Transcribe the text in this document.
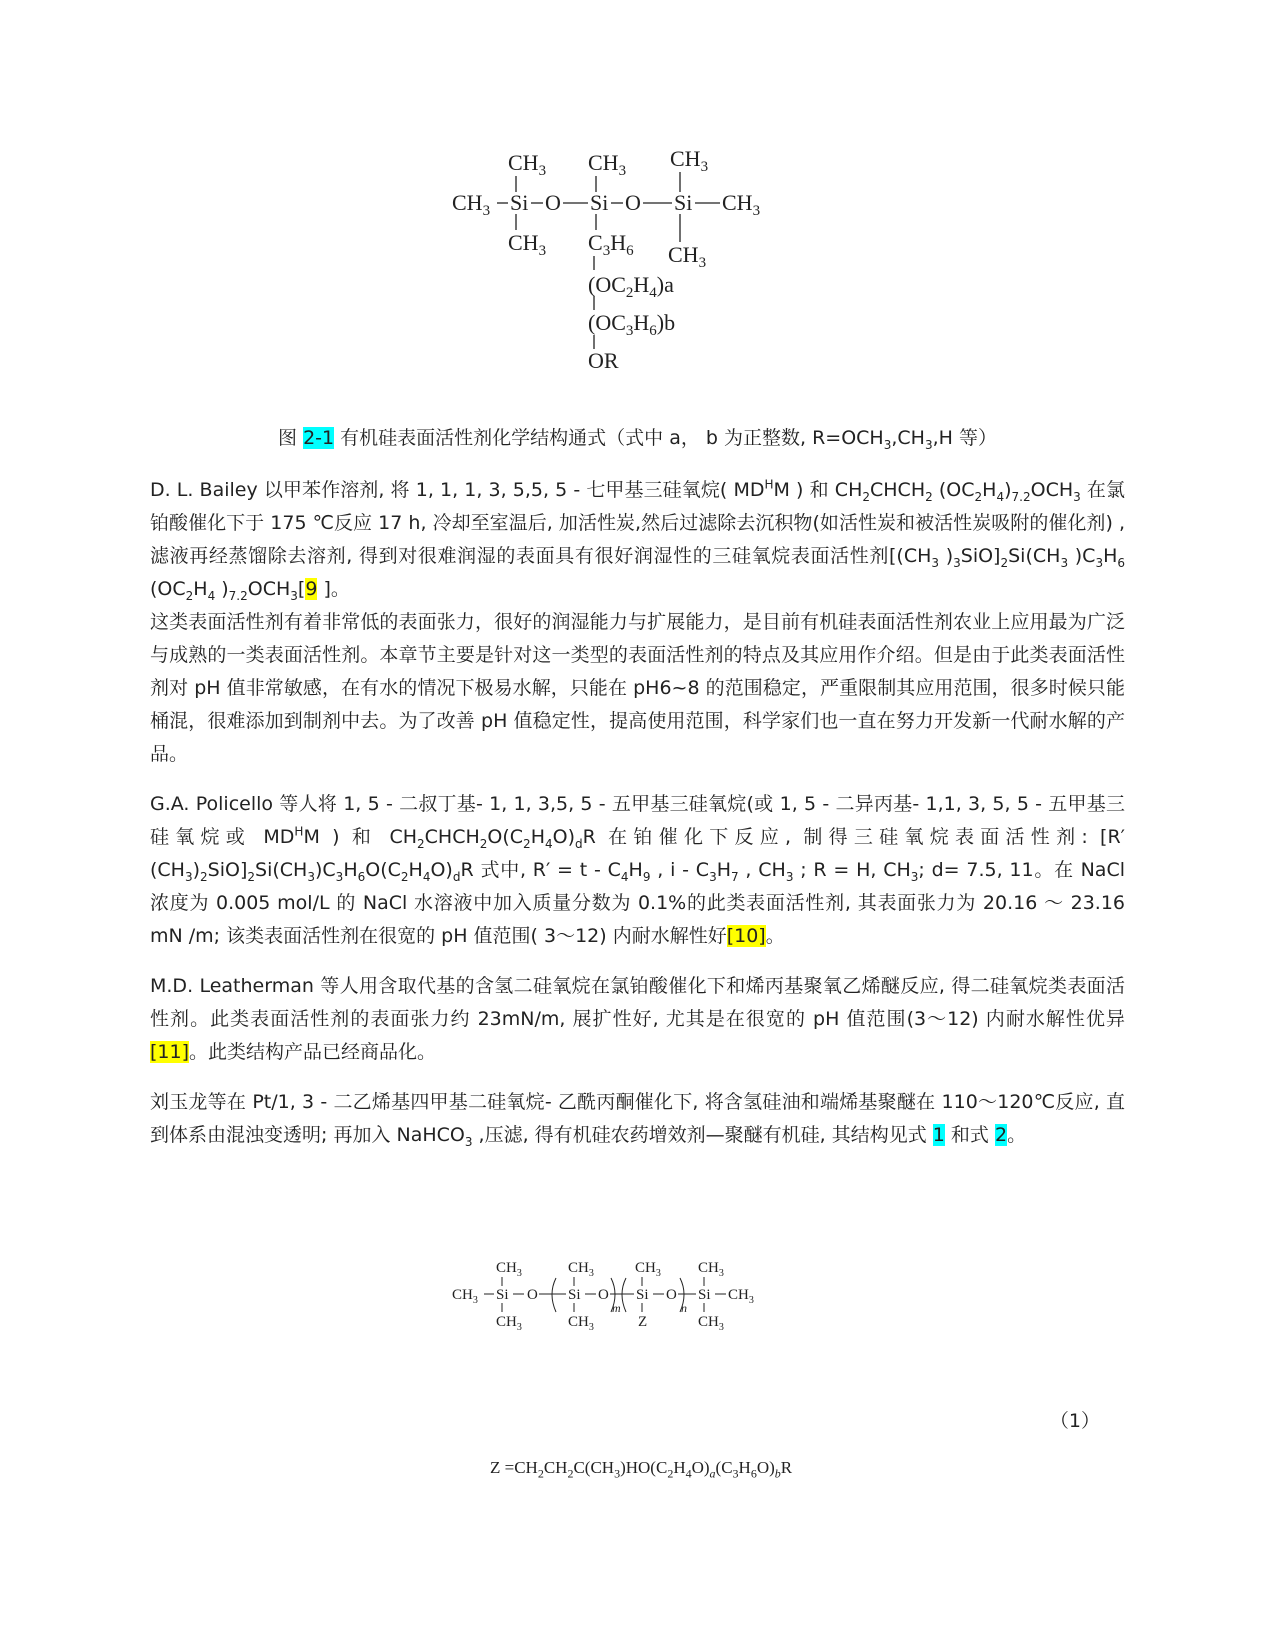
$CH_3$ $CH_3$ $CH_3$
$CH_3$ Si O Si O Si $CH_3$
$CH_3$ $C_3H_6$ $CH_3$
$(OC_2H_4)a$
$(OC_3H_6)b$
OR
图 2-1 有机硅表面活性剂化学结构通式（式中 a， b 为正整数, $R=OCH_3,CH_3,H$ 等）

D. L. Bailey 以甲苯作溶剂, 将 1, 1, 1, 3, 5,5, 5 - 七甲基三硅氧烷( $MD^HM$ ) 和 $CH_2CHCH_2$ $(OC_2H_4)_{7.2}OCH_3$ 在氯铂酸催化下于 175 ℃反应 17 h, 冷却至室温后, 加活性炭,然后过滤除去沉积物(如活性炭和被活性炭吸附的催化剂) , 滤液再经蒸馏除去溶剂, 得到对很难润湿的表面具有很好润湿性的三硅氧烷表面活性剂[($CH_3$ )$_3SiO]_2Si(CH_3$ )$C_3H_6$ ($OC_2H_4$ )$_{7.2}OCH_3[9$ ]。

这类表面活性剂有着非常低的表面张力，很好的润湿能力与扩展能力，是目前有机硅表面活性剂农业上应用最为广泛与成熟的一类表面活性剂。本章节主要是针对这一类型的表面活性剂的特点及其应用作介绍。但是由于此类表面活性剂对 pH 值非常敏感，在有水的情况下极易水解，只能在 pH6~8 的范围稳定，严重限制其应用范围，很多时候只能桶混，很难添加到制剂中去。为了改善 pH 值稳定性，提高使用范围，科学家们也一直在努力开发新一代耐水解的产品。

G.A. Policello 等人将 1, 5 - 二叔丁基- 1, 1, 3,5, 5 - 五甲基三硅氧烷(或 1, 5 - 二异丙基- 1,1, 3, 5, 5 - 五甲基三硅氧烷或 $MD^HM$ ) 和 $CH_2CHCH_2O(C_2H_4O)_dR$ 在铂催化下反应, 制得三硅氧烷表面活性剂: $[R'(CH_3)_2SiO]_2Si(CH_3)C_3H_6O(C_2H_4O)_dR$ 式中, $R' = t - C_4H_9$ , i - $C_3H_7$ , $CH_3$ ; R = H, $CH_3$; d= 7.5, 11。在 NaCl 浓度为 0.005 mol/L 的 NaCl 水溶液中加入质量分数为 0.1%的此类表面活性剂, 其表面张力为 20.16 ～ 23.16 mN /m; 该类表面活性剂在很宽的 pH 值范围( 3～12) 内耐水解性好[10]。

M.D. Leatherman 等人用含取代基的含氢二硅氧烷在氯铂酸催化下和烯丙基聚氧乙烯醚反应, 得二硅氧烷类表面活性剂。此类表面活性剂的表面张力约 23mN/m, 展扩性好, 尤其是在很宽的 pH 值范围(3～12) 内耐水解性优异[11]。此类结构产品已经商品化。

刘玉龙等在 Pt/1, 3 - 二乙烯基四甲基二硅氧烷- 乙酰丙酮催化下, 将含氢硅油和端烯基聚醚在 110～120℃反应, 直到体系由混浊变透明; 再加入 NaHCO$_3$ ,压滤, 得有机硅农药增效剂—聚醚有机硅, 其结构见式 1 和式 2。

$CH_3$	$CH_3$	$CH_3$ $CH_3$
$CH_3$ Si O Si O Si O Si $CH_3$
$CH_3$	$CH_3$	Z	$CH_3$
m	n
（1）
$Z =CH_2CH_2C(CH_3)HO(C_2H_4O)_a(C_3H_6O)_bR$
